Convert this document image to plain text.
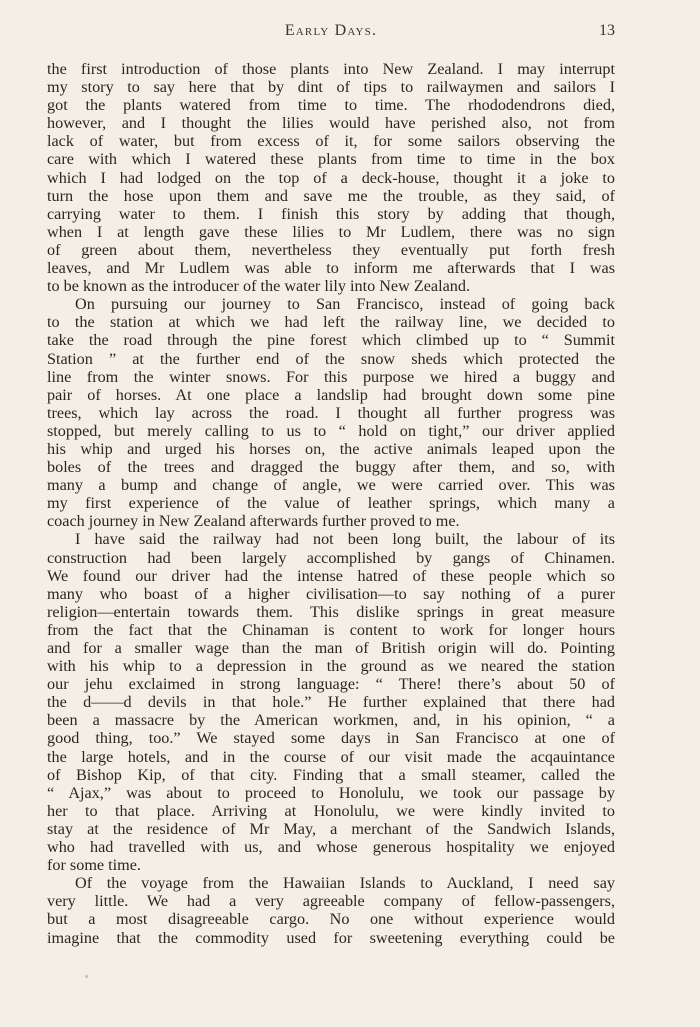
Early Days.	13
the first introduction of those plants into New Zealand. I may interrupt
my story to say here that by dint of tips to railwaymen and sailors I
got the plants watered from time to time. The rhododendrons died,
however, and I thought the lilies would have perished also, not from
lack of water, but from excess of it, for some sailors observing the
care with which I watered these plants from time to time in the box
which I had lodged on the top of a deck-house, thought it a joke to
turn the hose upon them and save me the trouble, as they said, of
carrying water to them. I finish this story by adding that though,
when I at length gave these lilies to Mr Ludlem, there was no sign
of green about them, nevertheless they eventually put forth fresh
leaves, and Mr Ludlem was able to inform me afterwards that I was
to be known as the introducer of the water lily into New Zealand.
On pursuing our journey to San Francisco, instead of going back
to the station at which we had left the railway line, we decided to
take the road through the pine forest which climbed up to “ Summit
Station ” at the further end of the snow sheds which protected the
line from the winter snows. For this purpose we hired a buggy and
pair of horses. At one place a landslip had brought down some pine
trees, which lay across the road. I thought all further progress was
stopped, but merely calling to us to “ hold on tight,” our driver applied
his whip and urged his horses on, the active animals leaped upon the
boles of the trees and dragged the buggy after them, and so, with
many a bump and change of angle, we were carried over. This was
my first experience of the value of leather springs, which many a
coach journey in New Zealand afterwards further proved to me.
I have said the railway had not been long built, the labour of its
construction had been largely accomplished by gangs of Chinamen.
We found our driver had the intense hatred of these people which so
many who boast of a higher civilisation—to say nothing of a purer
religion—entertain towards them. This dislike springs in great measure
from the fact that the Chinaman is content to work for longer hours
and for a smaller wage than the man of British origin will do. Pointing
with his whip to a depression in the ground as we neared the station
our jehu exclaimed in strong language: “ There! there’s about 50 of
the d——d devils in that hole.” He further explained that there had
been a massacre by the American workmen, and, in his opinion, “ a
good thing, too.” We stayed some days in San Francisco at one of
the large hotels, and in the course of our visit made the acqauintance
of Bishop Kip, of that city. Finding that a small steamer, called the
“ Ajax,” was about to proceed to Honolulu, we took our passage by
her to that place. Arriving at Honolulu, we were kindly invited to
stay at the residence of Mr May, a merchant of the Sandwich Islands,
who had travelled with us, and whose generous hospitality we enjoyed
for some time.
Of the voyage from the Hawaiian Islands to Auckland, I need say
very little. We had a very agreeable company of fellow-passengers,
but a most disagreeable cargo. No one without experience would
imagine that the commodity used for sweetening everything could be
